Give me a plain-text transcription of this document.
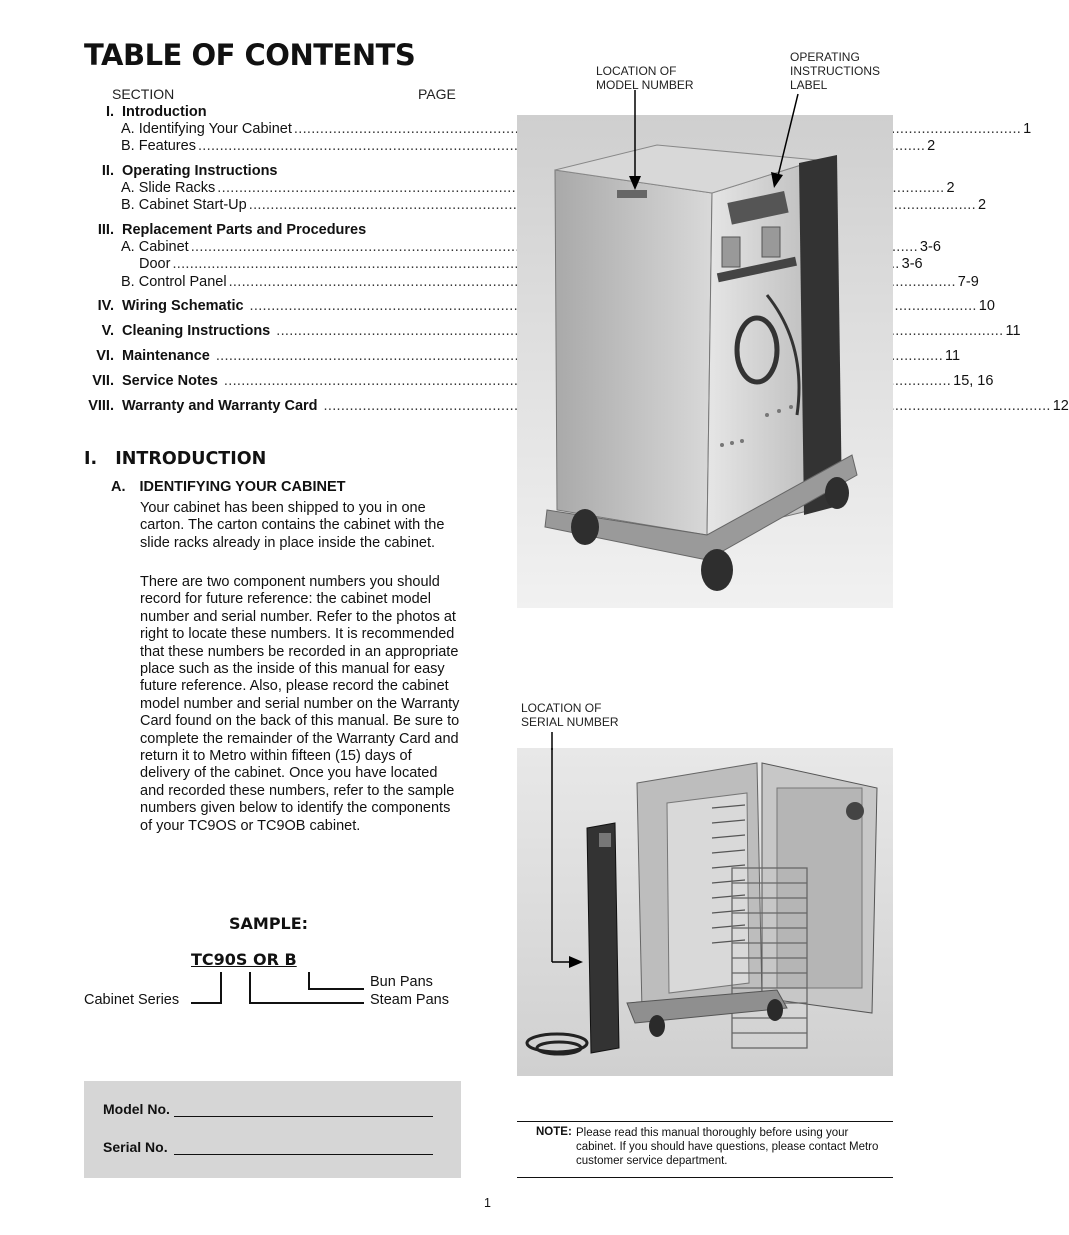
TABLE OF CONTENTS
SECTION	PAGE
I. Introduction
A. Identifying Your Cabinet .....	1
B. Features .....	2
II. Operating Instructions
A. Slide Racks .....	2
B. Cabinet Start-Up .....	2
III. Replacement Parts and Procedures
A. Cabinet .....	3-6
Door .....	3-6
B. Control Panel .....	7-9
IV. Wiring Schematic .....	10
V. Cleaning Instructions .....	11
VI. Maintenance .....	11
VII. Service Notes .....	15, 16
VIII. Warranty and Warranty Card .....	12
I. INTRODUCTION
A. IDENTIFYING YOUR CABINET

Your cabinet has been shipped to you in one carton. The carton contains the cabinet with the slide racks already in place inside the cabinet.

There are two component numbers you should record for future reference: the cabinet model number and serial number. Refer to the photos at right to locate these numbers. It is recommended that these numbers be recorded in an appropriate place such as the inside of this manual for easy future reference. Also, please record the cabinet model number and serial number on the Warranty Card found on the back of this manual. Be sure to complete the remainder of the Warranty Card and return it to Metro within fifteen (15) days of delivery of the cabinet. Once you have located and recorded these numbers, refer to the sample numbers given below to identify the components of your TC9OS or TC9OB cabinet.

SAMPLE:
TC90S OR B
Cabinet Series
Bun Pans
Steam Pans
Model No.
Serial No.
LOCATION OF
MODEL NUMBER
OPERATING
INSTRUCTIONS
LABEL
LOCATION OF
SERIAL NUMBER
NOTE: Please read this manual thoroughly before using your cabinet. If you should have questions, please contact Metro customer service department.
1
